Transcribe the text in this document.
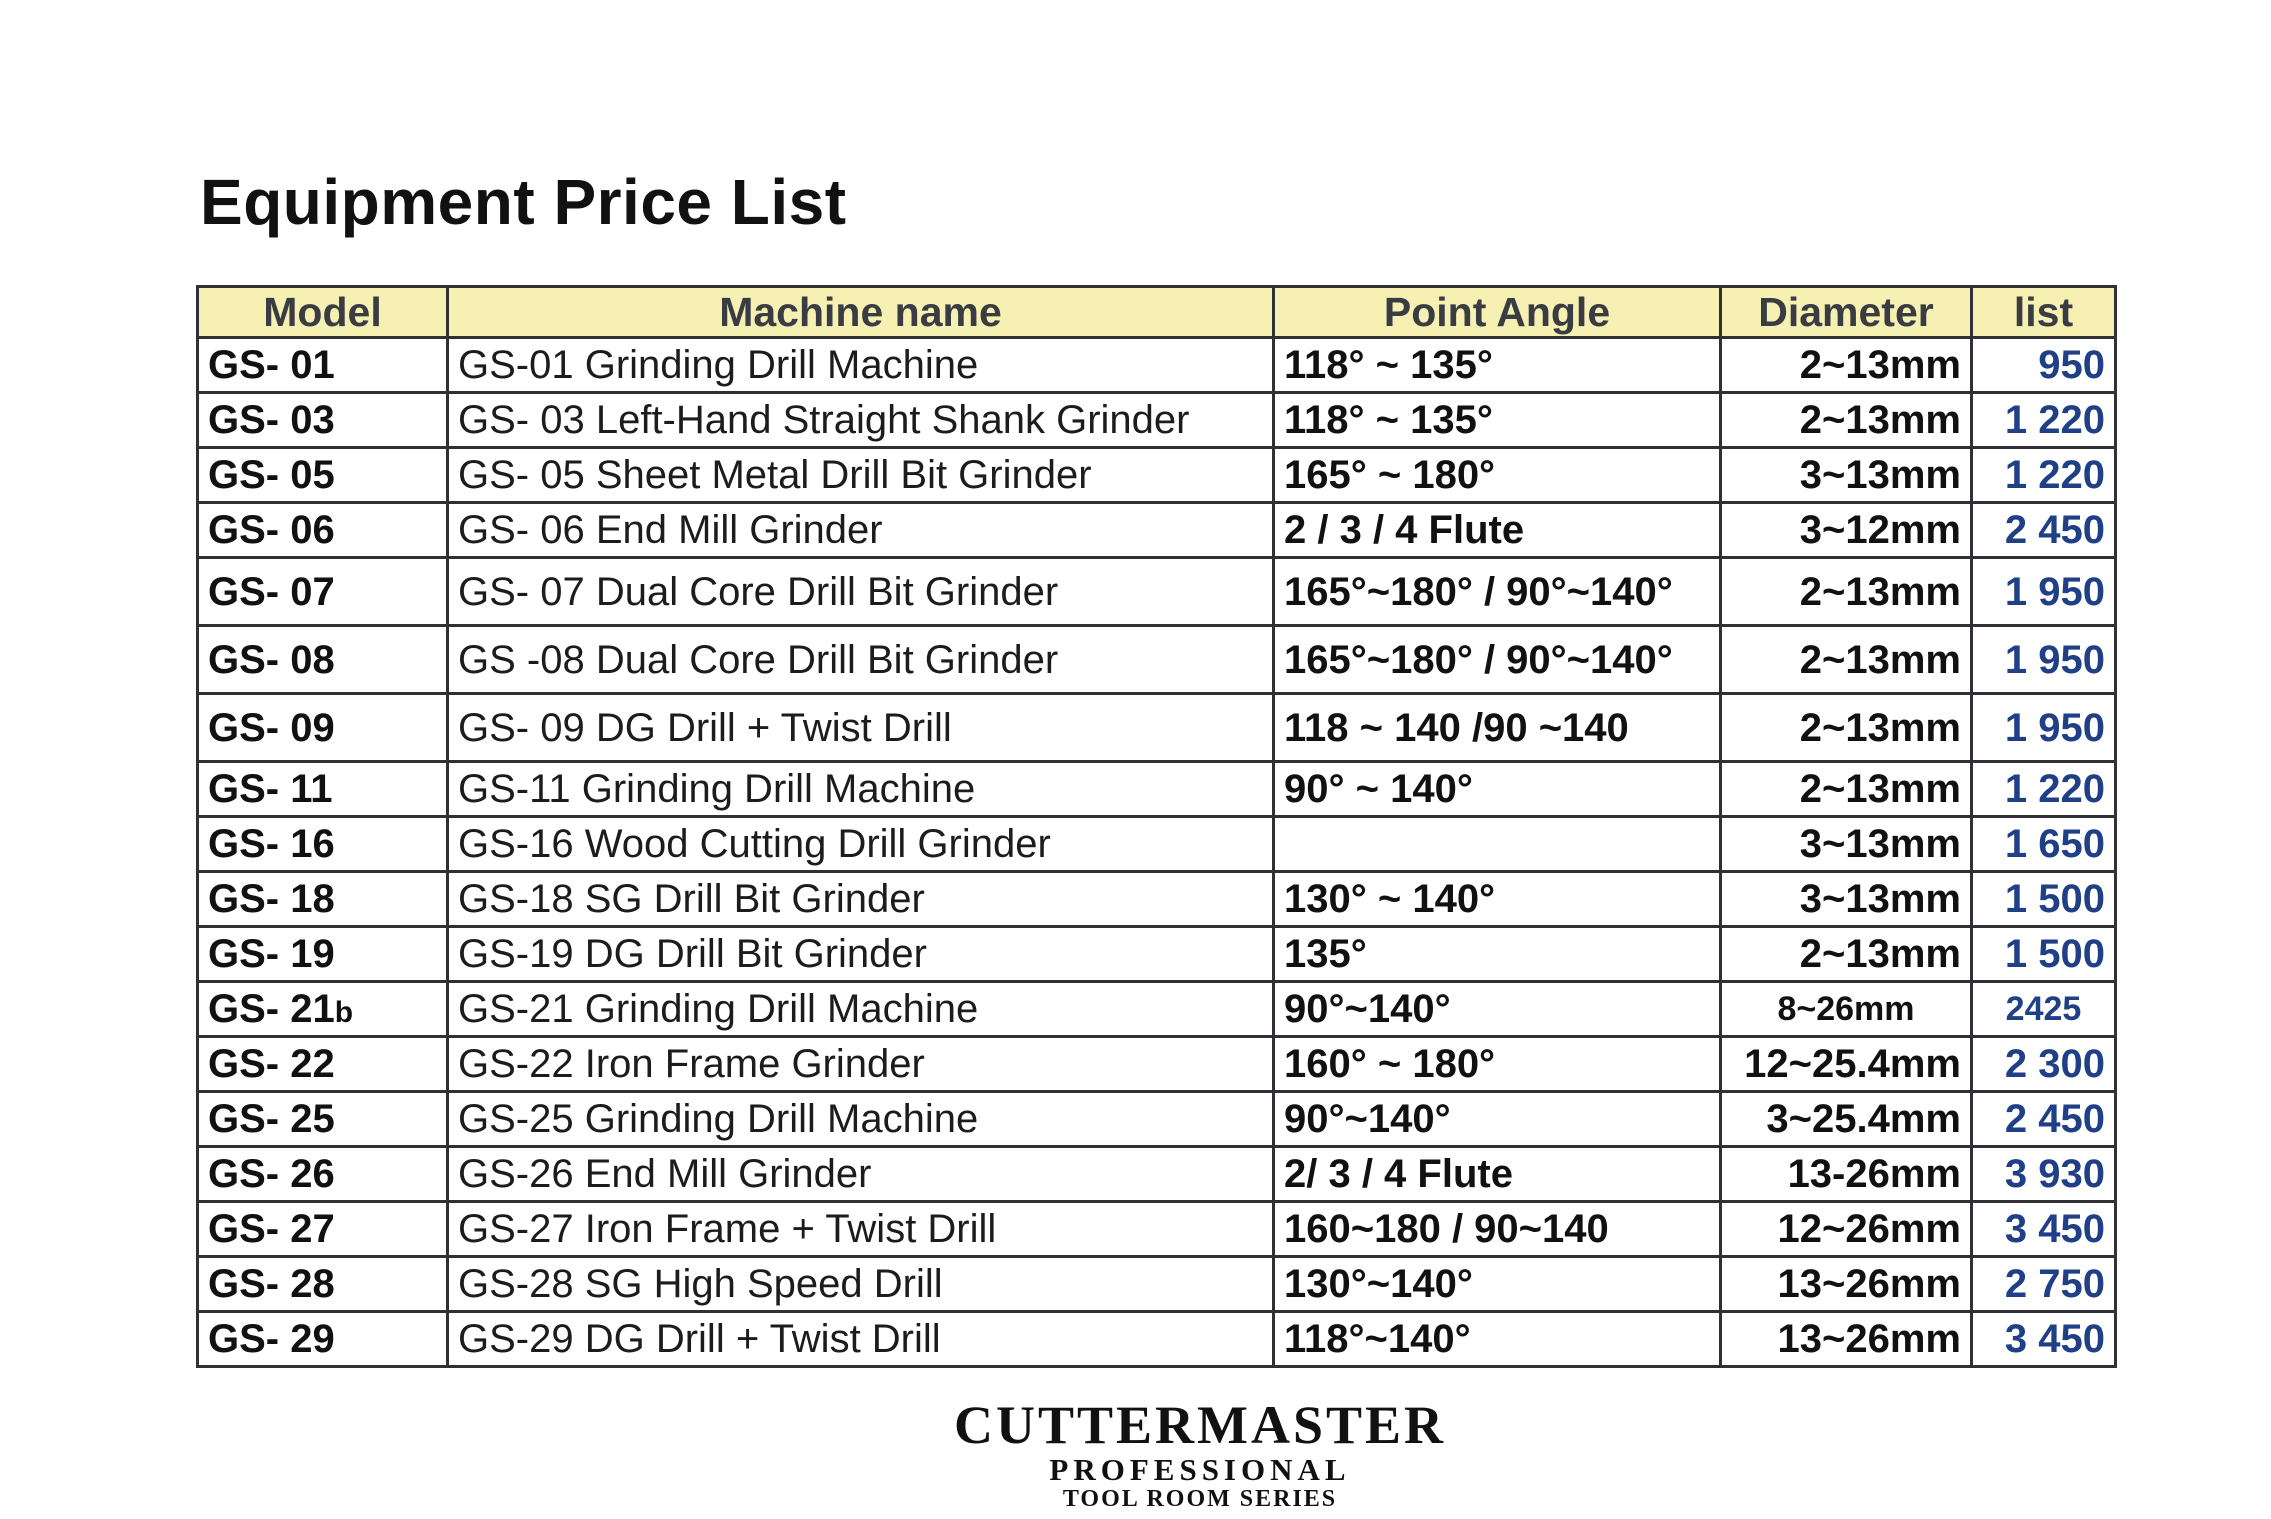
Equipment Price List
Model	Machine name	Point Angle	Diameter	list
GS- 01	GS-01 Grinding Drill Machine	118° ~ 135°	2~13mm	950
GS- 03	GS- 03 Left-Hand Straight Shank Grinder	118° ~ 135°	2~13mm	1 220
GS- 05	GS- 05 Sheet Metal Drill Bit Grinder	165° ~ 180°	3~13mm	1 220
GS- 06	GS- 06 End Mill Grinder	2 / 3 / 4 Flute	3~12mm	2 450
GS- 07	GS- 07 Dual Core Drill Bit Grinder	165°~180° / 90°~140°	2~13mm	1 950
GS- 08	GS -08 Dual Core Drill Bit Grinder	165°~180° / 90°~140°	2~13mm	1 950
GS- 09	GS- 09 DG Drill + Twist Drill	118 ~ 140 /90 ~140	2~13mm	1 950
GS- 11	GS-11 Grinding Drill Machine	90° ~ 140°	2~13mm	1 220
GS- 16	GS-16 Wood Cutting Drill Grinder		3~13mm	1 650
GS- 18	GS-18 SG Drill Bit Grinder	130° ~ 140°	3~13mm	1 500
GS- 19	GS-19 DG Drill Bit Grinder	135°	2~13mm	1 500
GS- 21b	GS-21 Grinding Drill Machine	90°~140°	8~26mm	2425
GS- 22	GS-22 Iron Frame Grinder	160° ~ 180°	12~25.4mm	2 300
GS- 25	GS-25 Grinding Drill Machine	90°~140°	3~25.4mm	2 450
GS- 26	GS-26 End Mill Grinder	2/ 3 / 4 Flute	13-26mm	3 930
GS- 27	GS-27 Iron Frame + Twist Drill	160~180 / 90~140	12~26mm	3 450
GS- 28	GS-28 SG High Speed Drill	130°~140°	13~26mm	2 750
GS- 29	GS-29 DG Drill + Twist Drill	118°~140°	13~26mm	3 450
CUTTERMASTER
PROFESSIONAL
TOOL ROOM SERIES
